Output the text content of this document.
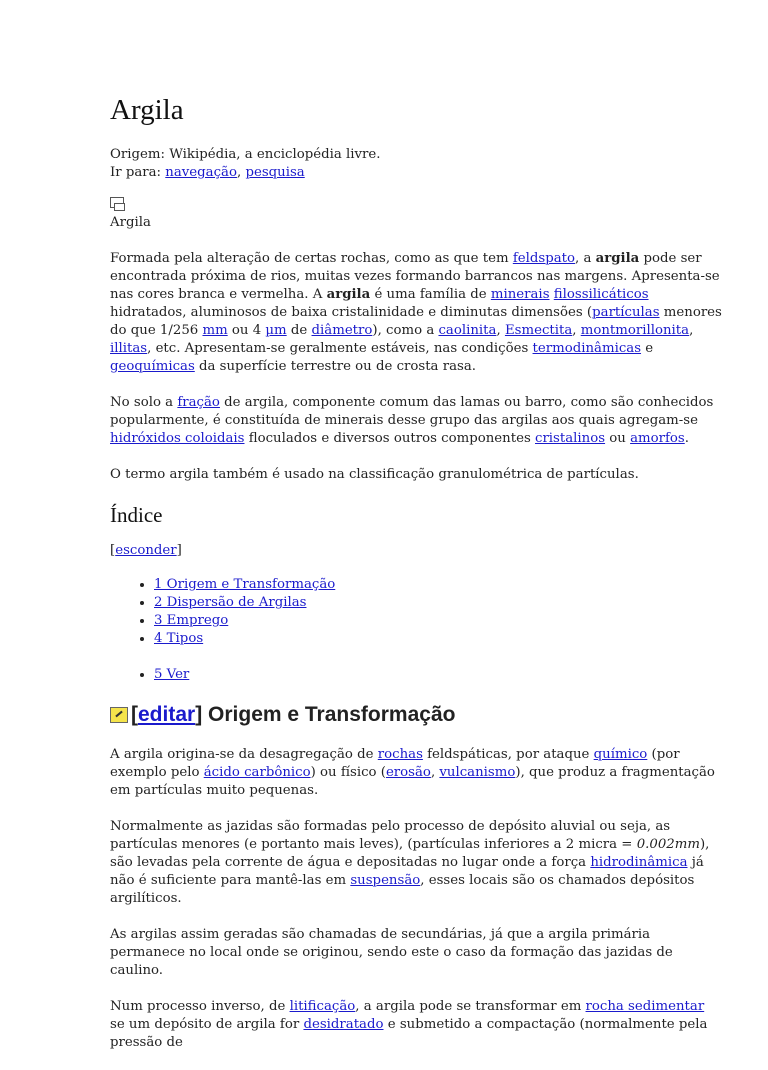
Argila
Origem: Wikipédia, a enciclopédia livre.
Ir para: navegação, pesquisa
Argila

Formada pela alteração de certas rochas, como as que tem feldspato, a argila pode ser encontrada próxima de rios, muitas vezes formando barrancos nas margens. Apresenta-se nas cores branca e vermelha. A argila é uma família de minerais filossilicáticos hidratados, aluminosos de baixa cristalinidade e diminutas dimensões (partículas menores do que 1/256 mm ou 4 µm de diâmetro), como a caolinita, Esmectita, montmorillonita, illitas, etc. Apresentam-se geralmente estáveis, nas condições termodinâmicas e geoquímicas da superfície terrestre ou de crosta rasa.

No solo a fração de argila, componente comum das lamas ou barro, como são conhecidos popularmente, é constituída de minerais desse grupo das argilas aos quais agregam-se hidróxidos coloidais floculados e diversos outros componentes cristalinos ou amorfos.

O termo argila também é usado na classificação granulométrica de partículas.

Índice
[esconder]
• 1 Origem e Transformação
• 2 Dispersão de Argilas
• 3 Emprego
• 4 Tipos
• 5 Ver
[ editar ] Origem e Transformação

A argila origina-se da desagregação de rochas feldspáticas, por ataque químico (por exemplo pelo ácido carbônico) ou físico (erosão, vulcanismo), que produz a fragmentação em partículas muito pequenas.

Normalmente as jazidas são formadas pelo processo de depósito aluvial ou seja, as partículas menores (e portanto mais leves), (partículas inferiores a 2 micra = 0.002mm), são levadas pela corrente de água e depositadas no lugar onde a força hidrodinâmica já não é suficiente para mantê-las em suspensão, esses locais são os chamados depósitos argilíticos.

As argilas assim geradas são chamadas de secundárias, já que a argila primária permanece no local onde se originou, sendo este o caso da formação das jazidas de caulino.

Num processo inverso, de litificação, a argila pode se transformar em rocha sedimentar se um depósito de argila for desidratado e submetido a compactação (normalmente pela pressão de
